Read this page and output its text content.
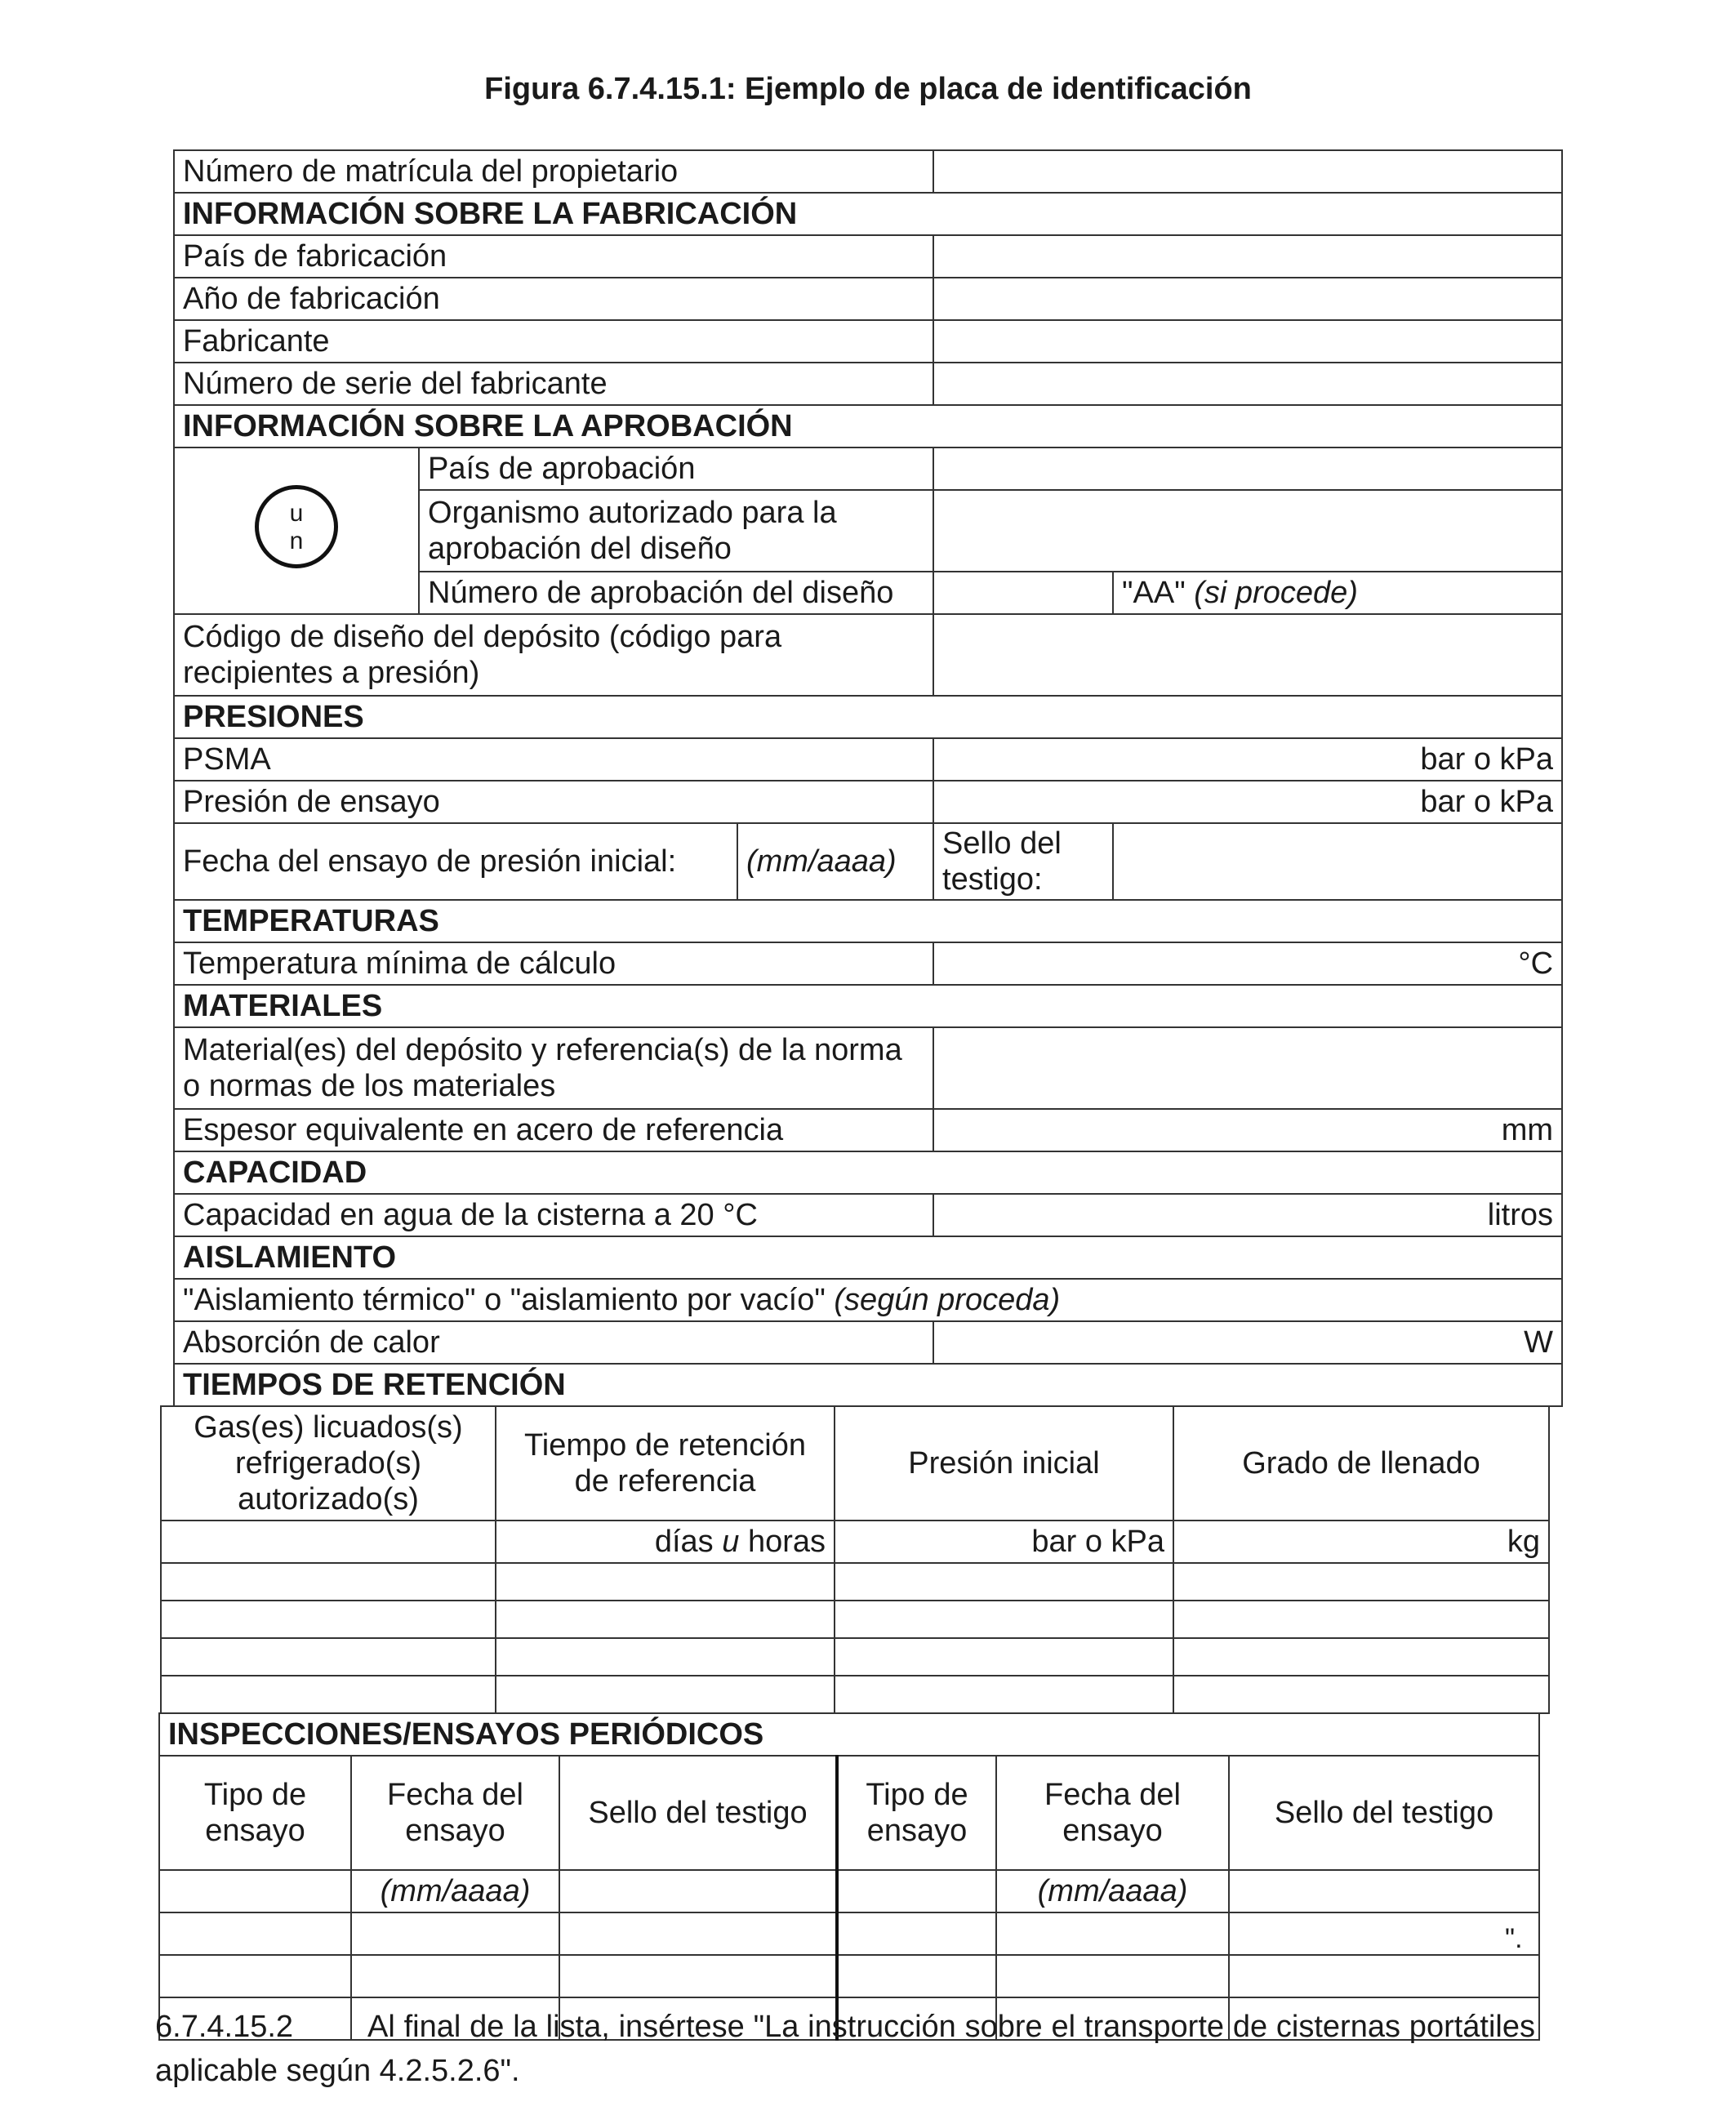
Figura 6.7.4.15.1: Ejemplo de placa de identificación
Número de matrícula del propietario				
INFORMACIÓN SOBRE LA FABRICACIÓN				
País de fabricación				
Año de fabricación				
Fabricante				
Número de serie del fabricante				
INFORMACIÓN SOBRE LA APROBACIÓN				

u
n	País de aprobación			
	Organismo autorizado para la aprobación del diseño			
	Número de aprobación del diseño			"AA" (si procede)
Código de diseño del depósito (código para recipientes a presión)				
PRESIONES				
PSMA			bar o kPa	
Presión de ensayo			bar o kPa	
Fecha del ensayo de presión inicial:		(mm/aaaa)	Sello del testigo:	
TEMPERATURAS				
Temperatura mínima de cálculo			°C	
MATERIALES				
Material(es) del depósito y referencia(s) de la norma o normas de los materiales				
Espesor equivalente en acero de referencia			mm	
CAPACIDAD				
Capacidad en agua de la cisterna a 20 °C			litros	
AISLAMIENTO				
"Aislamiento térmico" o "aislamiento por vacío" (según proceda)				
Absorción de calor			W	
TIEMPOS DE RETENCIÓN				
Gas(es) licuados(s) refrigerado(s) autorizado(s)	Tiempo de retención de referencia	Presión inicial	Grado de llenado
	días u horas	bar o kPa	kg

INSPECCIONES/ENSAYOS PERIÓDICOS					
Tipo de ensayo	Fecha del ensayo	Sello del testigo	Tipo de ensayo	Fecha del ensayo	Sello del testigo
	(mm/aaaa)			(mm/aaaa)	

".
6.7.4.15.2 Al final de la lista, insértese "La instrucción sobre el transporte de cisternas portátiles aplicable según 4.2.5.2.6".
